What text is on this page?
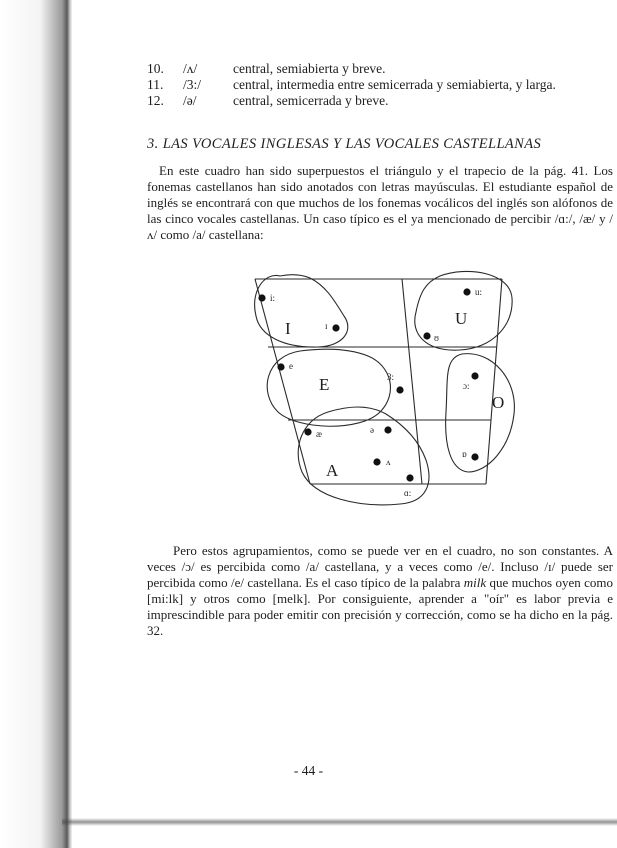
10.	/ʌ/	central, semiabierta y breve.
11.	/3:/	central, intermedia entre semicerrada y semiabierta, y larga.
12.	/ə/	central, semicerrada y breve.
3. LAS VOCALES INGLESAS Y LAS VOCALES CASTELLANAS

En este cuadro han sido superpuestos el triángulo y el trapecio de la pág. 41. Los fonemas castellanos han sido anotados con letras mayúsculas. El estudiante español de inglés se encontrará con que muchos de los fonemas vocálicos del inglés son alófonos de las cinco vocales castellanas. Un caso típico es el ya mencionado de percibir /ɑ:/, /æ/ y /ʌ/ como /a/ castellana:

I
E
A
U
O
i:
ɪ
e
æ
ʌ
ɑ:
ə
3:
u:
ʊ
ɔ:
ɒ

Pero estos agrupamientos, como se puede ver en el cuadro, no son constantes. A veces /ɔ/ es percibida como /a/ castellana, y a veces como /e/. Incluso /ɪ/ puede ser percibida como /e/ castellana. Es el caso típico de la palabra milk que muchos oyen como [mi:lk] y otros como [melk]. Por consiguiente, aprender a "oír" es labor previa e imprescindible para poder emitir con precisión y corrección, como se ha dicho en la pág. 32.

- 44 -
